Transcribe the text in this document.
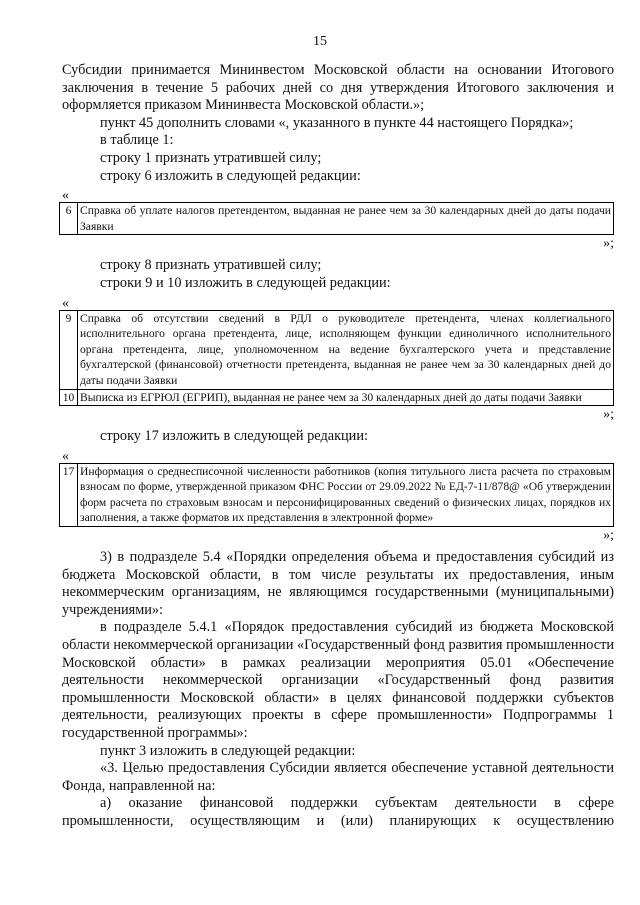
15

Субсидии принимается Мининвестом Московской области на основании Итогового заключения в течение 5 рабочих дней со дня утверждения Итогового заключения и оформляется приказом Мининвеста Московской области.»;

пункт 45 дополнить словами «, указанного в пункте 44 настоящего Порядка»;

в таблице 1:

строку 1 признать утратившей силу;

строку 6 изложить в следующей редакции:

«
6	Справка об уплате налогов претендентом, выданная не ранее чем за 30 календарных дней до даты подачи Заявки
»;

строку 8 признать утратившей силу;

строки 9 и 10 изложить в следующей редакции:

«
9	Справка об отсутствии сведений в РДЛ о руководителе претендента, членах коллегиального исполнительного органа претендента, лице, исполняющем функции единоличного исполнительного органа претендента, лице, уполномоченном на ведение бухгалтерского учета и представление бухгалтерской (финансовой) отчетности претендента, выданная не ранее чем за 30 календарных дней до даты подачи Заявки
10	Выписка из ЕГРЮЛ (ЕГРИП), выданная не ранее чем за 30 календарных дней до даты подачи Заявки
»;

строку 17 изложить в следующей редакции:

«
17	Информация о среднесписочной численности работников (копия титульного листа расчета по страховым взносам по форме, утвержденной приказом ФНС России от 29.09.2022 № ЕД-7-11/878@ «Об утверждении форм расчета по страховым взносам и персонифицированных сведений о физических лицах, порядков их заполнения, а также форматов их представления в электронной форме»
»;

3) в подразделе 5.4 «Порядки определения объема и предоставления субсидий из бюджета Московской области, в том числе результаты их предоставления, иным некоммерческим организациям, не являющимся государственными (муниципальными) учреждениями»:

в подразделе 5.4.1 «Порядок предоставления субсидий из бюджета Московской области некоммерческой организации «Государственный фонд развития промышленности Московской области» в рамках реализации мероприятия 05.01 «Обеспечение деятельности некоммерческой организации «Государственный фонд развития промышленности Московской области» в целях финансовой поддержки субъектов деятельности, реализующих проекты в сфере промышленности» Подпрограммы 1 государственной программы»:

пункт 3 изложить в следующей редакции:

«3. Целью предоставления Субсидии является обеспечение уставной деятельности Фонда, направленной на:

а) оказание финансовой поддержки субъектам деятельности в сфере промышленности, осуществляющим и (или) планирующих к осуществлению
